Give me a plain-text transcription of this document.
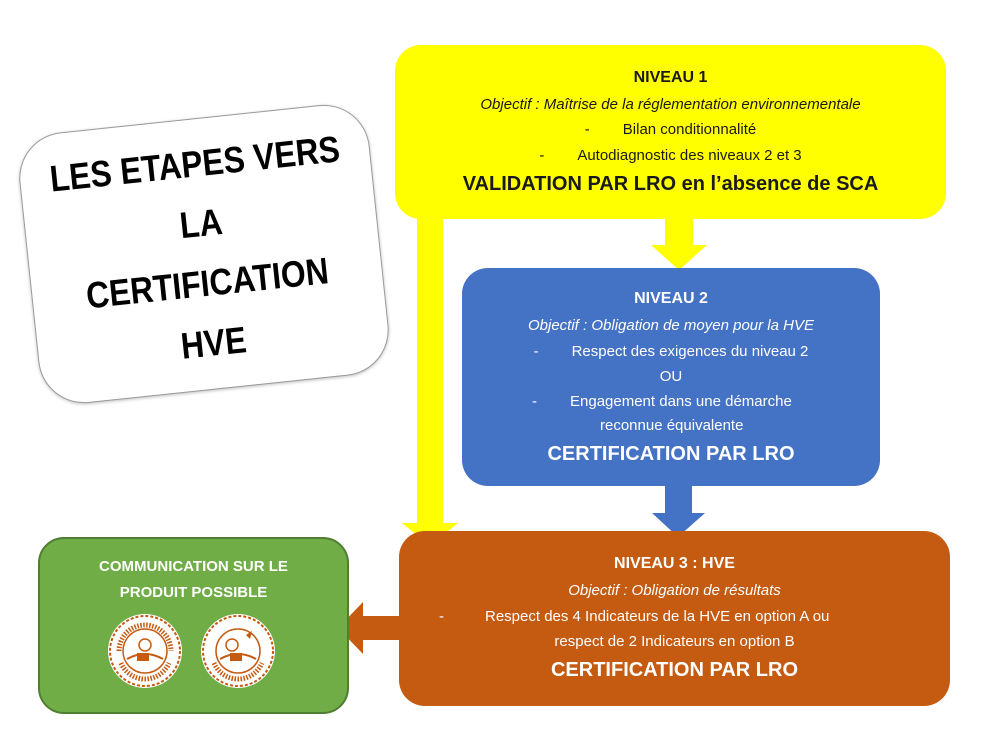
LES ETAPES VERS
LA
CERTIFICATION
HVE
NIVEAU 1
Objectif : Maîtrise de la réglementation environnementale
- Bilan conditionnalité
- Autodiagnostic des niveaux 2 et 3
VALIDATION PAR LRO en l’absence de SCA
NIVEAU 2
Objectif : Obligation de moyen pour la HVE
- Respect des exigences du niveau 2
OU
- Engagement dans une démarche
reconnue équivalente
CERTIFICATION PAR LRO
NIVEAU 3 : HVE
Objectif : Obligation de résultats
-	Respect des 4 Indicateurs de la HVE en option A ou
respect de 2 Indicateurs en option B
CERTIFICATION PAR LRO
COMMUNICATION SUR LE
PRODUIT POSSIBLE
